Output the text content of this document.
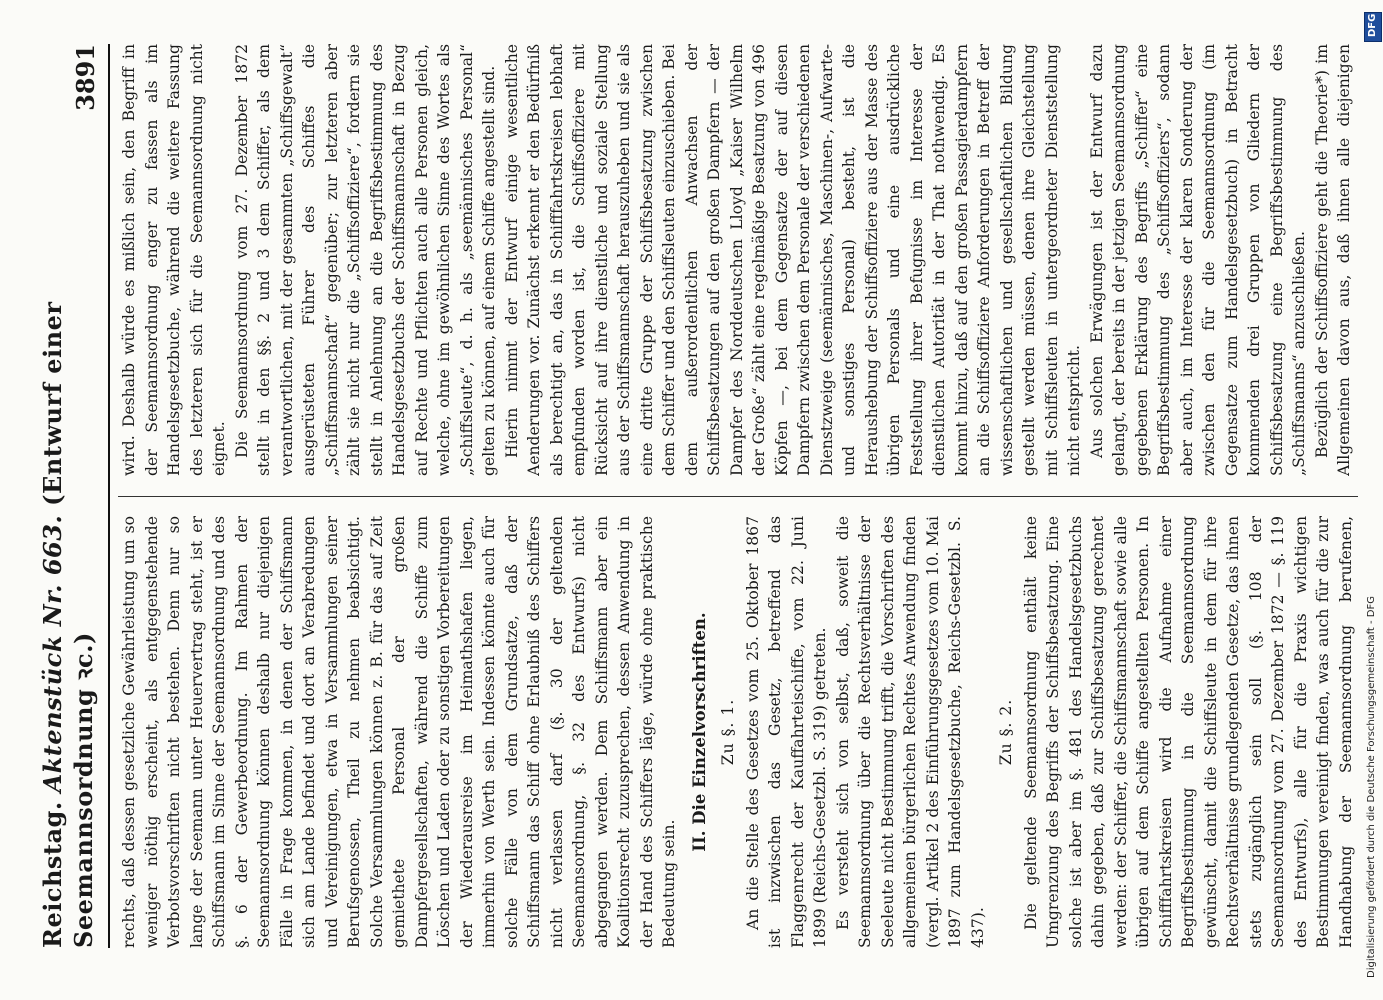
Reichstag. Aktenstück Nr. 663. (Entwurf einer Seemannsordnung ꝛc.)
3891

rechts, daß dessen gesetzliche Gewährleistung um so weniger nöthig erscheint, als entgegenstehende Verbotsvorschriften nicht bestehen. Denn nur so lange der Seemann unter Heuervertrag steht, ist er Schiffsmann im Sinne der Seemannsordnung und des §. 6 der Gewerbeordnung. Im Rahmen der Seemannsordnung können deshalb nur diejenigen Fälle in Frage kommen, in denen der Schiffsmann sich am Lande befindet und dort an Verabredungen und Vereinigungen, etwa in Versammlungen seiner Berufsgenossen, Theil zu nehmen beabsichtigt. Solche Versammlungen können z. B. für das auf Zeit gemiethete Personal der großen Dampfergesellschaften, während die Schiffe zum Löschen und Laden oder zu sonstigen Vorbereitungen der Wiederausreise im Heimathshafen liegen, immerhin von Werth sein. Indessen könnte auch für solche Fälle von dem Grundsatze, daß der Schiffsmann das Schiff ohne Erlaubniß des Schiffers nicht verlassen darf (§. 30 der geltenden Seemannsordnung, §. 32 des Entwurfs) nicht abgegangen werden. Dem Schiffsmann aber ein Koalitionsrecht zuzusprechen, dessen Anwendung in der Hand des Schiffers läge, würde ohne praktische Bedeutung sein.

II. Die Einzelvorschriften. Zu §. 1. An die Stelle des Gesetzes vom 25. Oktober 1867 ist inzwischen das Gesetz, betreffend das Flaggenrecht der Kauffahrteischiffe, vom 22. Juni 1899 (Reichs-Gesetzbl. S. 319) getreten. Es versteht sich von selbst, daß, soweit die Seemannsordnung über die Rechtsverhältnisse der Seeleute nicht Bestimmung trifft, die Vorschriften des allgemeinen bürgerlichen Rechtes Anwendung finden (vergl. Artikel 2 des Einführungsgesetzes vom 10. Mai 1897 zum Handelsgesetzbuche, Reichs-Gesetzbl. S. 437).

Zu §. 2.

Die geltende Seemannsordnung enthält keine Umgrenzung des Begriffs der Schiffsbesatzung. Eine solche ist aber im §. 481 des Handelsgesetzbuchs dahin gegeben, daß zur Schiffsbesatzung gerechnet werden: der Schiffer, die Schiffsmannschaft sowie alle übrigen auf dem Schiffe angestellten Personen. In Schifffahrtskreisen wird die Aufnahme einer Begriffsbestimmung in die Seemannsordnung gewünscht, damit die Schiffsleute in dem für ihre Rechtsverhältnisse grundlegenden Gesetze, das ihnen stets zugänglich sein soll (§. 108 der Seemannsordnung vom 27. Dezember 1872 — §. 119 des Entwurfs), alle für die Praxis wichtigen Bestimmungen vereinigt finden, was auch für die zur Handhabung der Seemannsordnung berufenen,

wird. Deshalb würde es mißlich sein, den Begriff in der Seemannsordnung enger zu fassen als im Handelsgesetzbuche, während die weitere Fassung des letzteren sich für die Seemannsordnung nicht eignet. Die Seemannsordnung vom 27. Dezember 1872 stellt in den §§. 2 und 3 dem Schiffer, als dem verantwortlichen, mit der gesammten „Schiffsgewalt“ ausgerüsteten Führer des Schiffes die „Schiffsmannschaft“ gegenüber; zur letzteren aber zählt sie nicht nur die „Schiffsoffiziere“, fordern sie stellt in Anlehnung an die Begriffsbestimmung des Handelsgesetzbuchs der Schiffsmannschaft in Bezug auf Rechte und Pflichten auch alle Personen gleich, welche, ohne im gewöhnlichen Sinne des Wortes als „Schiffsleute“, d. h. als „seemännisches Personal“ gelten zu können, auf einem Schiffe angestellt sind. Hierin nimmt der Entwurf einige wesentliche Aenderungen vor. Zunächst erkennt er den Bedürfniß als berechtigt an, das in Schifffahrtskreisen lebhaft empfunden worden ist, die Schiffsoffiziere mit Rücksicht auf ihre dienstliche und soziale Stellung aus der Schiffsmannschaft herauszuheben und sie als eine dritte Gruppe der Schiffsbesatzung zwischen dem Schiffer und den Schiffsleuten einzuschieben. Bei dem außerordentlichen Anwachsen der Schiffsbesatzungen auf den großen Dampfern — der Dampfer des Norddeutschen Lloyd „Kaiser Wilhelm der Große“ zählt eine regelmäßige Besatzung von 496 Köpfen —, bei dem Gegensatze der auf diesen Dampfern zwischen dem Personale der verschiedenen Dienstzweige (seemännisches, Maschinen-, Aufwarte- und sonstiges Personal) besteht, ist die Heraushebung der Schiffsoffiziere aus der Masse des übrigen Personals und eine ausdrückliche Feststellung ihrer Befugnisse im Interesse der dienstlichen Autorität in der That nothwendig. Es kommt hinzu, daß auf den großen Passagierdampfern an die Schiffsoffiziere Anforderungen in Betreff der wissenschaftlichen und gesellschaftlichen Bildung gestellt werden müssen, denen ihre Gleichstellung mit Schiffsleuten in untergeordneter Dienststellung nicht entspricht. Aus solchen Erwägungen ist der Entwurf dazu gelangt, der bereits in der jetzigen Seemannsordnung gegebenen Erklärung des Begriffs „Schiffer“ eine Begriffsbestimmung des „Schiffsoffiziers“, sodann aber auch, im Interesse der klaren Sonderung der zwischen den für die Seemannsordnung (im Gegensatze zum Handelsgesetzbuch) in Betracht kommenden drei Gruppen von Gliedern der Schiffsbesatzung eine Begriffsbestimmung des „Schiffsmanns“ anzuschließen. Bezüglich der Schiffsoffiziere geht die Theorie*) im Allgemeinen davon aus, daß ihnen alle diejenigen

DFG
Digitalisierung gefördert durch die Deutsche Forschungsgemeinschaft - DFG
